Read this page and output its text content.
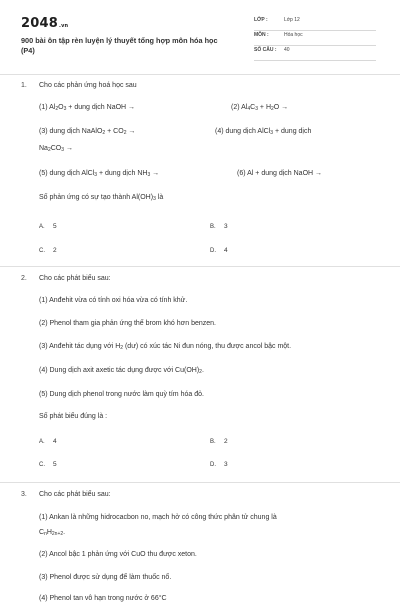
2048.vn
900 bài ôn tập rèn luyện lý thuyết tổng hợp môn hóa học (P4)
LỚP :	Lớp 12
MÔN :	Hóa học
SỐ CÂU : 40
1. Cho các phản ứng hoá học sau
(1) $Al_2O_3$ + dung dịch NaOH →	(2) $Al_4C_3 + H_2O$ →
(3) dung dịch NaAlO$_2$ + $CO_2$ →	(4) dung dịch AlCl$_3$ + dung dịch
$Na_2CO_3$ →
(5) dung dịch AlCl$_3$ + dung dịch $NH_3$ →	(6) Al + dung dịch NaOH →
Số phản ứng có sự tạo thành $Al(OH)_3$ là
A. 5	B. 3
C. 2	D. 4
2. Cho các phát biểu sau:
(1) Anđehit vừa có tính oxi hóa vừa có tính khử.
(2) Phenol tham gia phản ứng thế brom khó hơn benzen.
(3) Anđehit tác dụng với $H_2$ (dư) có xúc tác Ni đun nóng, thu được ancol bậc một.
(4) Dung dịch axit axetic tác dụng được với $Cu(OH)_2$.
(5) Dung dịch phenol trong nước làm quỳ tím hóa đỏ.
Số phát biểu đúng là :
A. 4	B. 2
C. 5	D. 3
3. Cho các phát biểu sau:
(1) Ankan là những hidrocacbon no, mạch hở có công thức phân tử chung là
$C_nH_{2n+2}$.
(2) Ancol bậc 1 phản ứng với CuO thu được xeton.
(3) Phenol được sử dụng để làm thuốc nổ.
(4) Phenol tan vô hạn trong nước ở 66°C
